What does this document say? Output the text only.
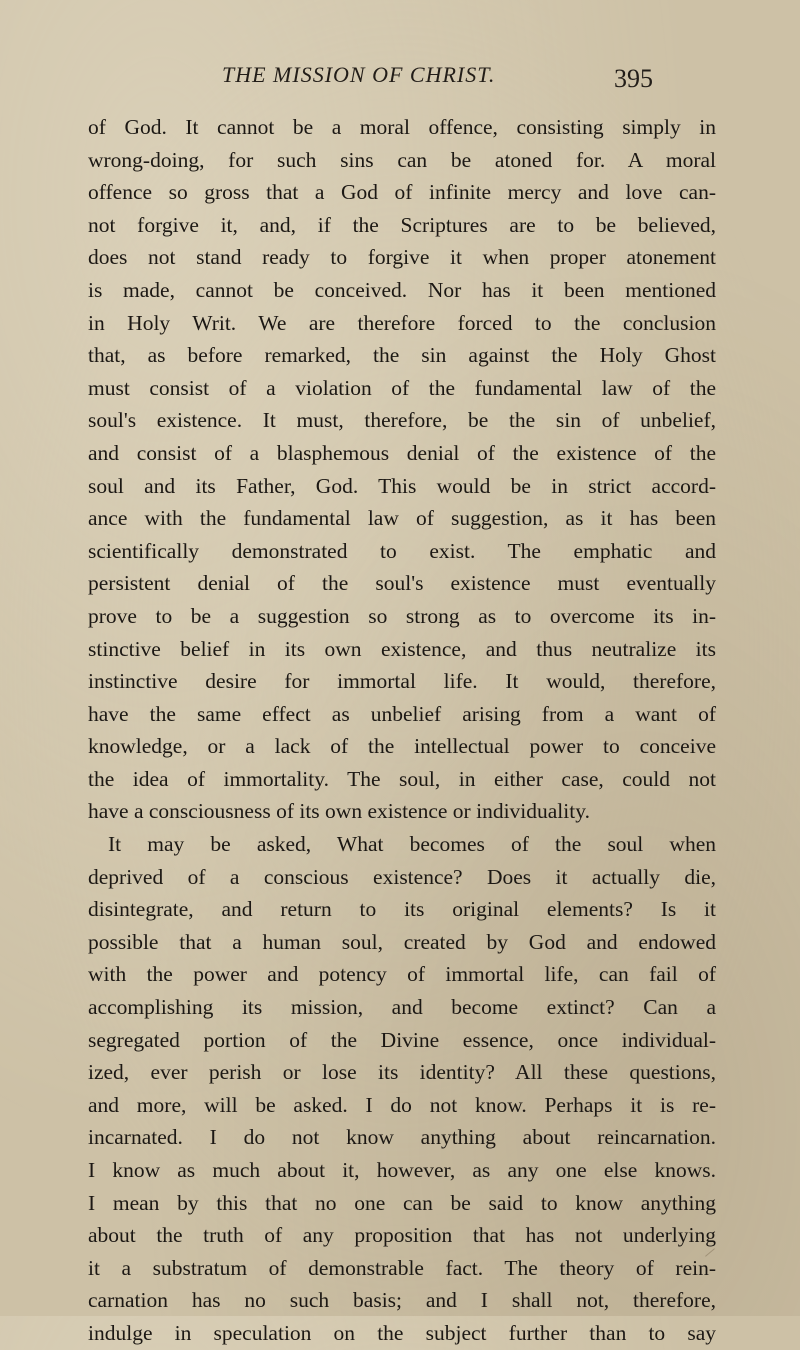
THE MISSION OF CHRIST.	395
of God. It cannot be a moral offence, consisting simply in
wrong-doing, for such sins can be atoned for. A moral
offence so gross that a God of infinite mercy and love can-
not forgive it, and, if the Scriptures are to be believed,
does not stand ready to forgive it when proper atonement
is made, cannot be conceived. Nor has it been mentioned
in Holy Writ. We are therefore forced to the conclusion
that, as before remarked, the sin against the Holy Ghost
must consist of a violation of the fundamental law of the
soul's existence. It must, therefore, be the sin of unbelief,
and consist of a blasphemous denial of the existence of the
soul and its Father, God. This would be in strict accord-
ance with the fundamental law of suggestion, as it has been
scientifically demonstrated to exist. The emphatic and
persistent denial of the soul's existence must eventually
prove to be a suggestion so strong as to overcome its in-
stinctive belief in its own existence, and thus neutralize its
instinctive desire for immortal life. It would, therefore,
have the same effect as unbelief arising from a want of
knowledge, or a lack of the intellectual power to conceive
the idea of immortality. The soul, in either case, could not
have a consciousness of its own existence or individuality.
It may be asked, What becomes of the soul when
deprived of a conscious existence? Does it actually die,
disintegrate, and return to its original elements? Is it
possible that a human soul, created by God and endowed
with the power and potency of immortal life, can fail of
accomplishing its mission, and become extinct? Can a
segregated portion of the Divine essence, once individual-
ized, ever perish or lose its identity? All these questions,
and more, will be asked. I do not know. Perhaps it is re-
incarnated. I do not know anything about reincarnation.
I know as much about it, however, as any one else knows.
I mean by this that no one can be said to know anything
about the truth of any proposition that has not underlying
it a substratum of demonstrable fact. The theory of rein-
carnation has no such basis; and I shall not, therefore,
indulge in speculation on the subject further than to say
